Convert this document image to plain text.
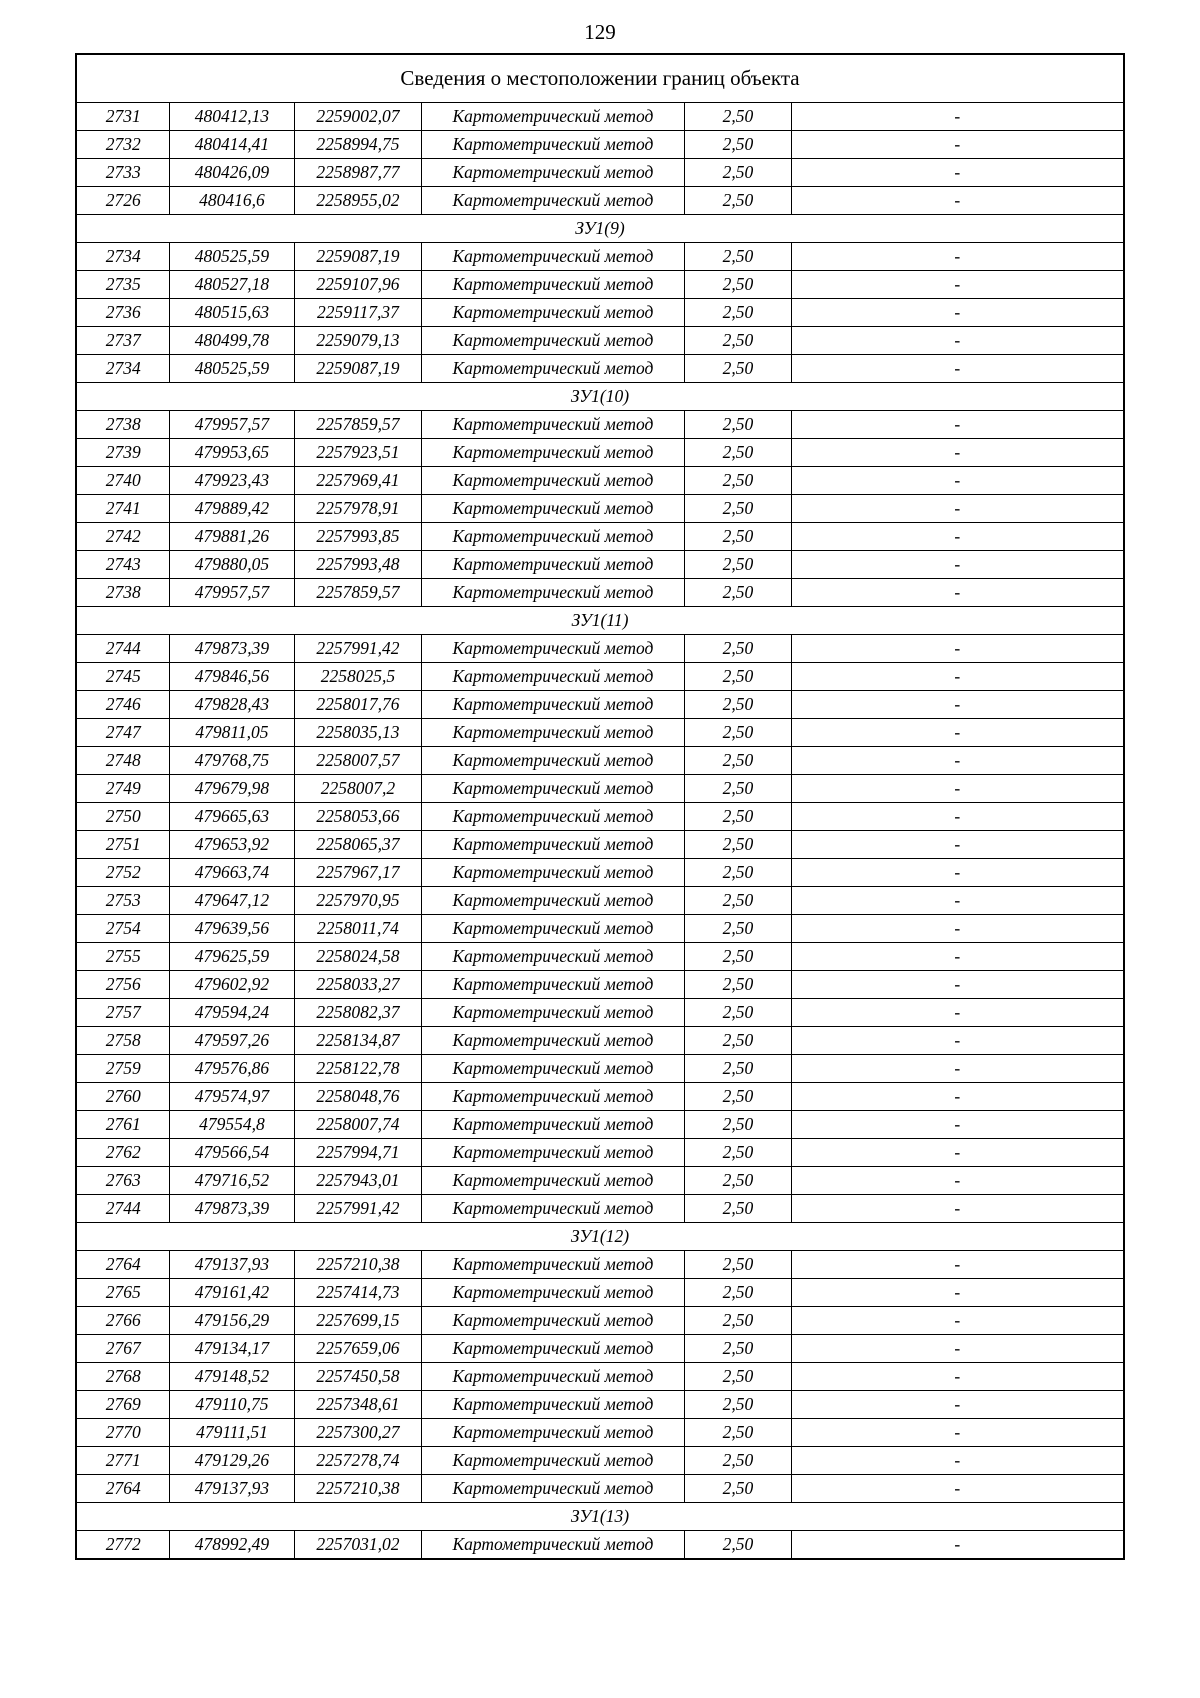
129
Сведения о местоположении границ объекта					
2731	480412,13	2259002,07	Картометрический метод	2,50	-
2732	480414,41	2258994,75	Картометрический метод	2,50	-
2733	480426,09	2258987,77	Картометрический метод	2,50	-
2726	480416,6	2258955,02	Картометрический метод	2,50	-
ЗУ1(9)					
2734	480525,59	2259087,19	Картометрический метод	2,50	-
2735	480527,18	2259107,96	Картометрический метод	2,50	-
2736	480515,63	2259117,37	Картометрический метод	2,50	-
2737	480499,78	2259079,13	Картометрический метод	2,50	-
2734	480525,59	2259087,19	Картометрический метод	2,50	-
ЗУ1(10)					
2738	479957,57	2257859,57	Картометрический метод	2,50	-
2739	479953,65	2257923,51	Картометрический метод	2,50	-
2740	479923,43	2257969,41	Картометрический метод	2,50	-
2741	479889,42	2257978,91	Картометрический метод	2,50	-
2742	479881,26	2257993,85	Картометрический метод	2,50	-
2743	479880,05	2257993,48	Картометрический метод	2,50	-
2738	479957,57	2257859,57	Картометрический метод	2,50	-
ЗУ1(11)					
2744	479873,39	2257991,42	Картометрический метод	2,50	-
2745	479846,56	2258025,5	Картометрический метод	2,50	-
2746	479828,43	2258017,76	Картометрический метод	2,50	-
2747	479811,05	2258035,13	Картометрический метод	2,50	-
2748	479768,75	2258007,57	Картометрический метод	2,50	-
2749	479679,98	2258007,2	Картометрический метод	2,50	-
2750	479665,63	2258053,66	Картометрический метод	2,50	-
2751	479653,92	2258065,37	Картометрический метод	2,50	-
2752	479663,74	2257967,17	Картометрический метод	2,50	-
2753	479647,12	2257970,95	Картометрический метод	2,50	-
2754	479639,56	2258011,74	Картометрический метод	2,50	-
2755	479625,59	2258024,58	Картометрический метод	2,50	-
2756	479602,92	2258033,27	Картометрический метод	2,50	-
2757	479594,24	2258082,37	Картометрический метод	2,50	-
2758	479597,26	2258134,87	Картометрический метод	2,50	-
2759	479576,86	2258122,78	Картометрический метод	2,50	-
2760	479574,97	2258048,76	Картометрический метод	2,50	-
2761	479554,8	2258007,74	Картометрический метод	2,50	-
2762	479566,54	2257994,71	Картометрический метод	2,50	-
2763	479716,52	2257943,01	Картометрический метод	2,50	-
2744	479873,39	2257991,42	Картометрический метод	2,50	-
ЗУ1(12)					
2764	479137,93	2257210,38	Картометрический метод	2,50	-
2765	479161,42	2257414,73	Картометрический метод	2,50	-
2766	479156,29	2257699,15	Картометрический метод	2,50	-
2767	479134,17	2257659,06	Картометрический метод	2,50	-
2768	479148,52	2257450,58	Картометрический метод	2,50	-
2769	479110,75	2257348,61	Картометрический метод	2,50	-
2770	479111,51	2257300,27	Картометрический метод	2,50	-
2771	479129,26	2257278,74	Картометрический метод	2,50	-
2764	479137,93	2257210,38	Картометрический метод	2,50	-
ЗУ1(13)					
2772	478992,49	2257031,02	Картометрический метод	2,50	-
